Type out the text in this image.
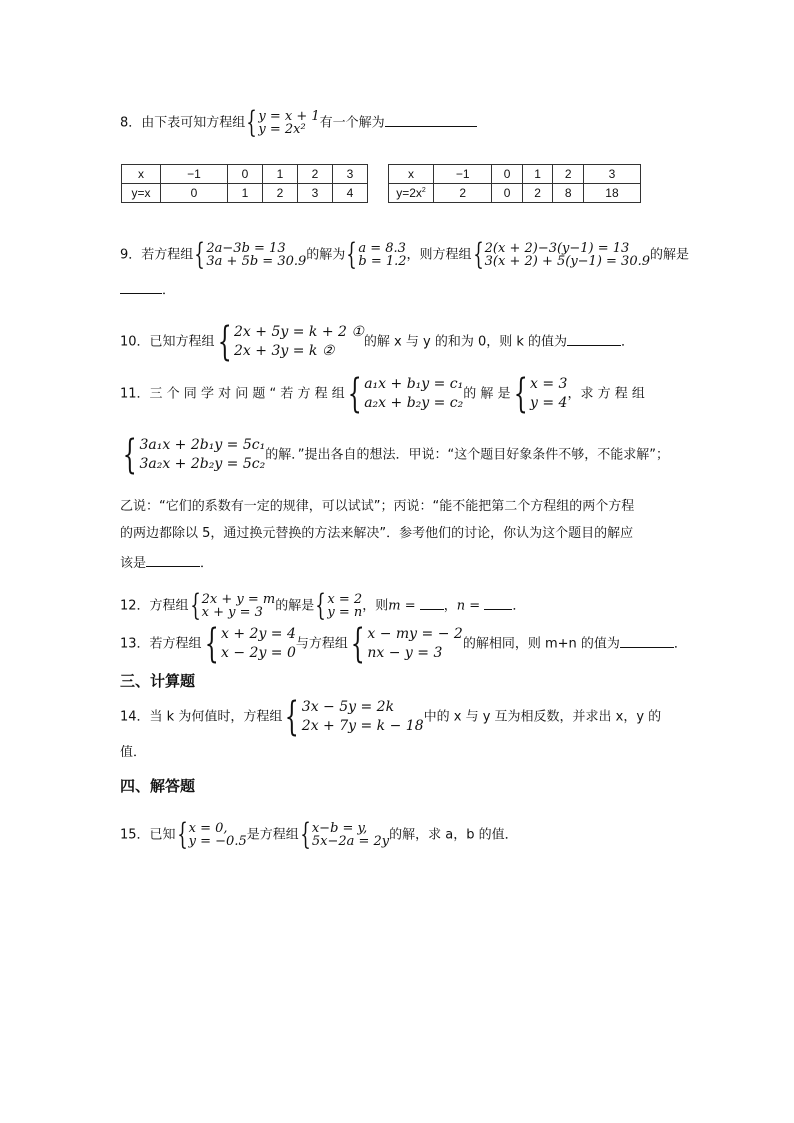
8．由下表可知方程组 { y = x + 1
y = 2x²	有一个解为
x	−1	0	1	2	3
y=x	0	1	2	3	4
x	−1	0	1	2	3
$y=2x^2$	2	0	2	8	18
9．若方程组 { 2a−3b = 13
3a + 5b = 30.9 的解为 { a = 8.3
b = 1.2 ，则方程组 { 2(x + 2)−3(y−1) = 13
3(x + 2) + 5(y−1) = 30.9 的解是
．
10．已知方程组 { 2x + 5y = k + 2 ①
2x + 3y = k ②
的解 x 与 y 的和为 0，则 k 的值为	．
11．三 个 同 学 对 问 题 “ 若 方 程 组 { a₁x + b₁y = c₁
a₂x + b₂y = c₂
的 解 是 { x = 3
y = 4
，求 方 程 组
{ 3a₁x + 2b₁y = 5c₁
3a₂x + 2b₂y = 5c₂
的解．”提出各自的想法．甲说：“这个题目好象条件不够，不能求解”；
乙说：“它们的系数有一定的规律，可以试试”；丙说：“能不能把第二个方程组的两个方程
的两边都除以 5，通过换元替换的方法来解决”．参考他们的讨论，你认为这个题目的解应
该是	．
12．方程组 { 2x + y = m
x + y = 3 的解是 { x = 2
y = n ，则m = ，n = ．
13．若方程组 { x + 2y = 4
x − 2y = 0
与方程组 { x − my = − 2
nx − y = 3
的解相同，则 m+n 的值为	．
三、计算题
14．当 k 为何值时，方程组 { 3x − 5y = 2k
2x + 7y = k − 18
中的 x 与 y 互为相反数，并求出 x，y 的
值．
四、解答题
15．已知 { x = 0,
y = −0.5 是方程组 { x−b = y,
5x−2a = 2y 的解，求 a，b 的值．
